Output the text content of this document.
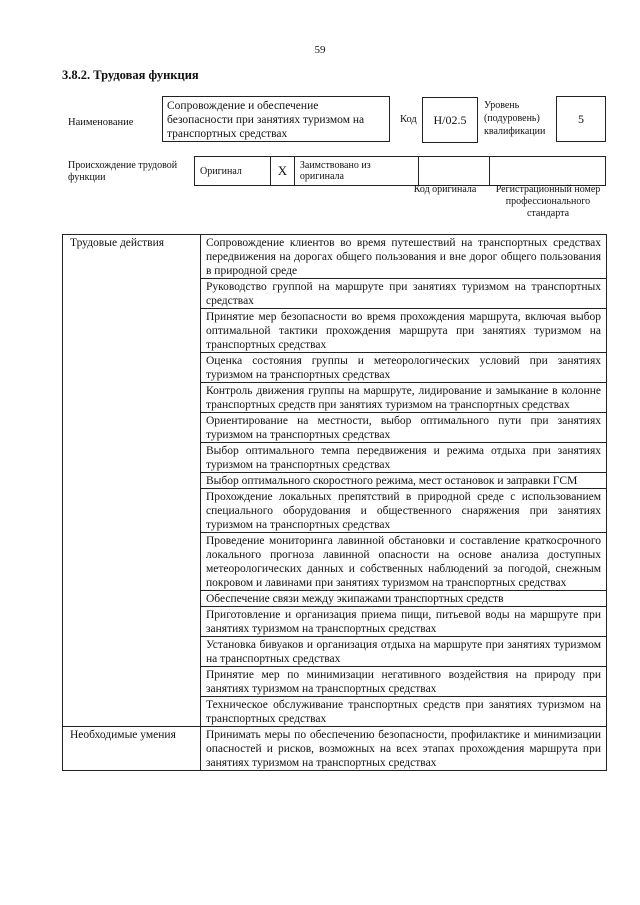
59
3.8.2. Трудовая функция
Наименование
Сопровождение и обеспечение безопасности при занятиях туризмом на транспортных средствах
Код	Н/02.5
Уровень (подуровень) квалификации
5
Происхождение трудовой функции
Оригинал	X	Заимствовано из оригинала		
Код оригинала	Регистрационный номер профессионального стандарта
Трудовые действия	Сопровождение клиентов во время путешествий на транспортных средствах передвижения на дорогах общего пользования и вне дорог общего пользования в природной среде
	Руководство группой на маршруте при занятиях туризмом на транспортных средствах
	Принятие мер безопасности во время прохождения маршрута, включая выбор оптимальной тактики прохождения маршрута при занятиях туризмом на транспортных средствах
	Оценка состояния группы и метеорологических условий при занятиях туризмом на транспортных средствах
	Контроль движения группы на маршруте, лидирование и замыкание в колонне транспортных средств при занятиях туризмом на транспортных средствах
	Ориентирование на местности, выбор оптимального пути при занятиях туризмом на транспортных средствах
	Выбор оптимального темпа передвижения и режима отдыха при занятиях туризмом на транспортных средствах
	Выбор оптимального скоростного режима, мест остановок и заправки ГСМ
	Прохождение локальных препятствий в природной среде с использованием специального оборудования и общественного снаряжения при занятиях туризмом на транспортных средствах
	Проведение мониторинга лавинной обстановки и составление краткосрочного локального прогноза лавинной опасности на основе анализа доступных метеорологических данных и собственных наблюдений за погодой, снежным покровом и лавинами при занятиях туризмом на транспортных средствах
	Обеспечение связи между экипажами транспортных средств
	Приготовление и организация приема пищи, питьевой воды на маршруте при занятиях туризмом на транспортных средствах
	Установка бивуаков и организация отдыха на маршруте при занятиях туризмом на транспортных средствах
	Принятие мер по минимизации негативного воздействия на природу при занятиях туризмом на транспортных средствах
	Техническое обслуживание транспортных средств при занятиях туризмом на транспортных средствах
Необходимые умения	Принимать меры по обеспечению безопасности, профилактике и минимизации опасностей и рисков, возможных на всех этапах прохождения маршрута при занятиях туризмом на транспортных средствах
